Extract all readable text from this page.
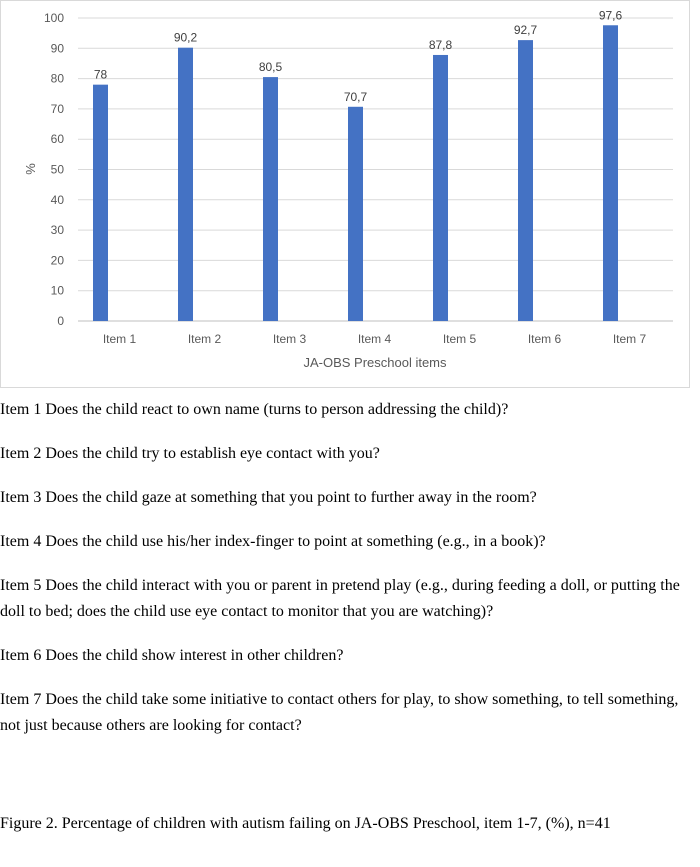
0
10
20
30
40
50
60
70
80
90
100
78
90,2
80,5
70,7
87,8
92,7
97,6
Item 1	Item 2	Item 3	Item 4	Item 5	Item 6	Item 7
%
JA-OBS Preschool items

Item 1 Does the child react to own name (turns to person addressing the child)?

Item 2 Does the child try to establish eye contact with you?

Item 3 Does the child gaze at something that you point to further away in the room?

Item 4 Does the child use his/her index-finger to point at something (e.g., in a book)?

Item 5 Does the child interact with you or parent in pretend play (e.g., during feeding a doll, or putting the doll to bed; does the child use eye contact to monitor that you are watching)?

Item 6 Does the child show interest in other children?

Item 7 Does the child take some initiative to contact others for play, to show something, to tell something, not just because others are looking for contact?

Figure 2. Percentage of children with autism failing on JA-OBS Preschool, item 1-7, (%), n=41
